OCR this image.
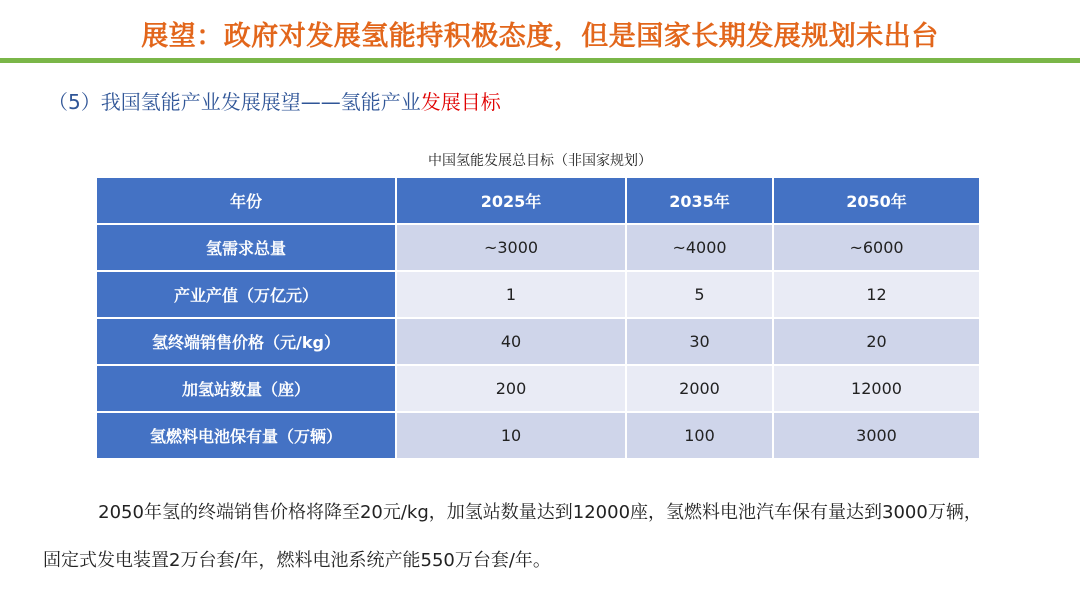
展望：政府对发展氢能持积极态度，但是国家长期发展规划未出台
（5）我国氢能产业发展展望——氢能产业发展目标
中国氢能发展总目标（非国家规划）
年份	2025年	2035年	2050年
氢需求总量	~3000	~4000	~6000
产业产值（万亿元）	1	5	12
氢终端销售价格（元/kg）	40	30	20
加氢站数量（座）	200	2000	12000
氢燃料电池保有量（万辆）	10	100	3000
2050年氢的终端销售价格将降至20元/kg，加氢站数量达到12000座，氢燃料电池汽车保有量达到3000万辆，
固定式发电装置2万台套/年，燃料电池系统产能550万台套/年。
